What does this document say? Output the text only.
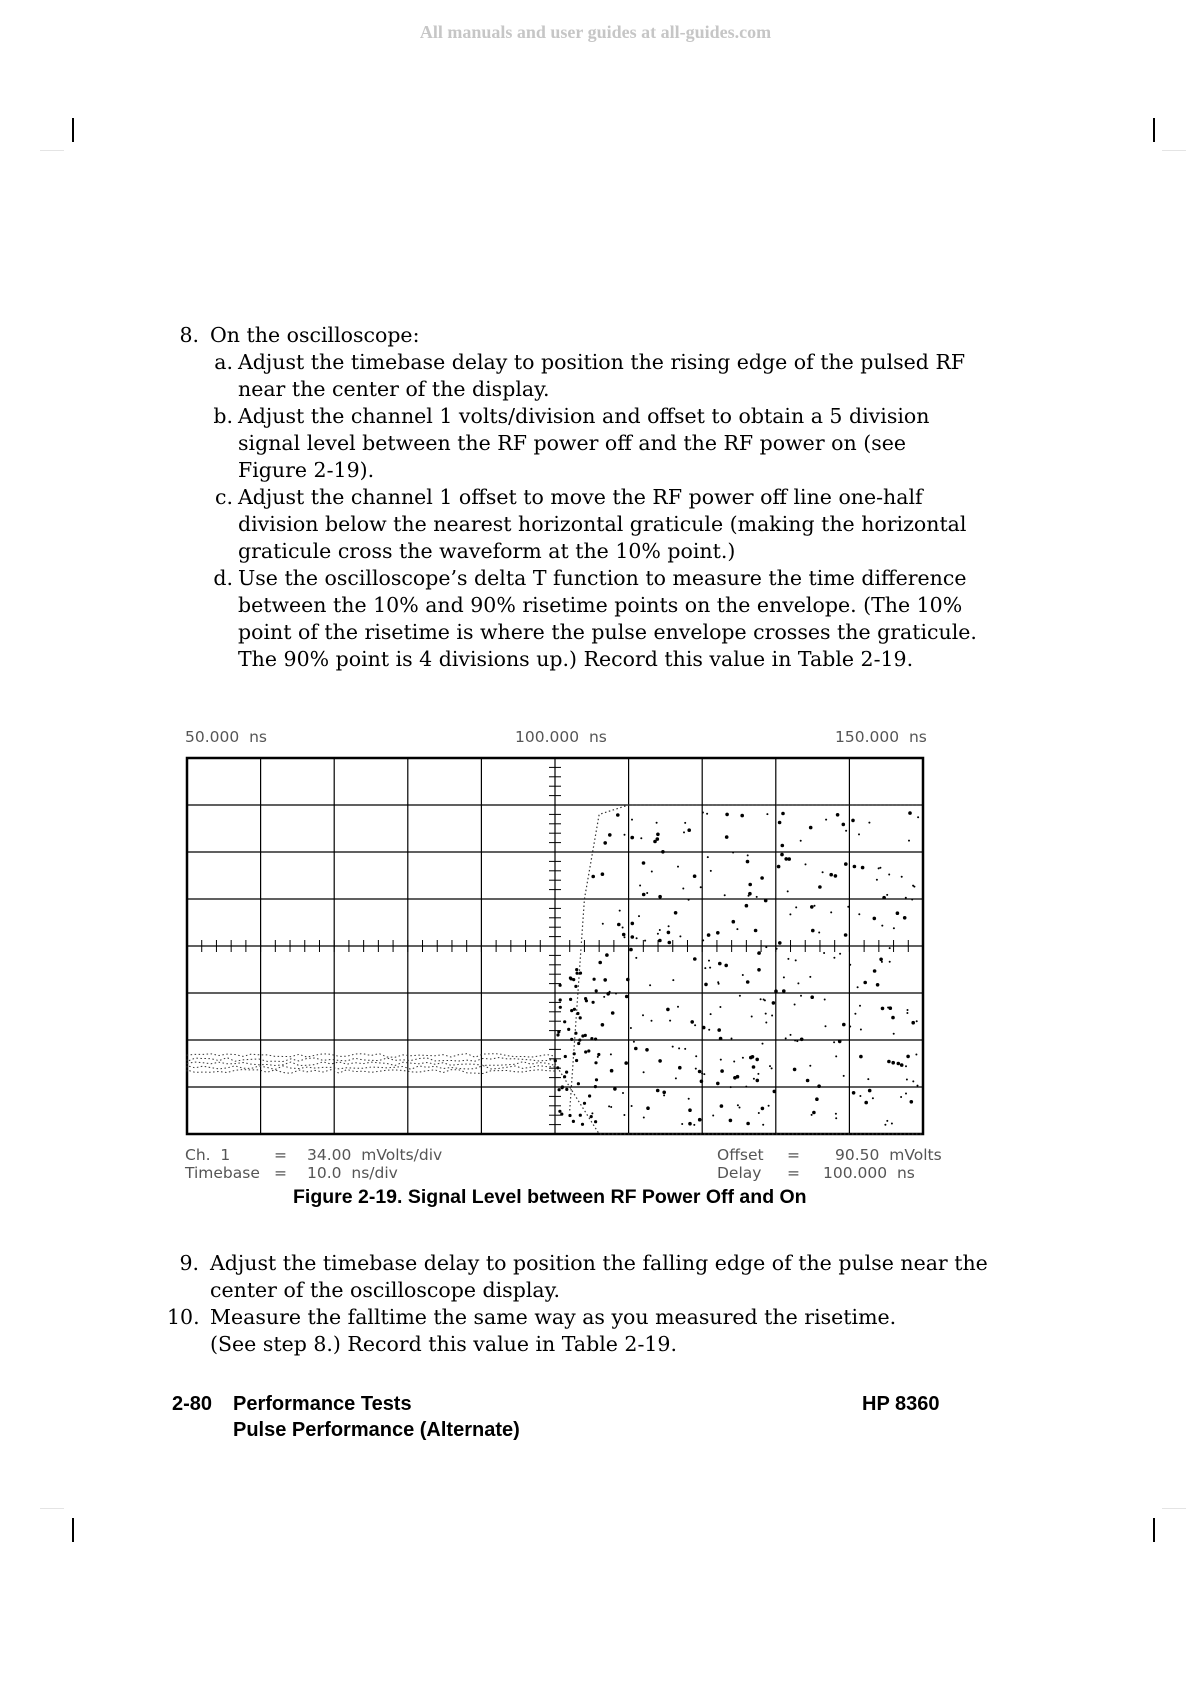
All manuals and user guides at all-guides.com
8. On the oscilloscope:
a. Adjust the timebase delay to position the rising edge of the pulsed RF
near the center of the display.
b. Adjust the channel 1 volts/division and offset to obtain a 5 division
signal level between the RF power off and the RF power on (see
Figure 2-19).
c. Adjust the channel 1 offset to move the RF power off line one-half
division below the nearest horizontal graticule (making the horizontal
graticule cross the waveform at the 10% point.)
d. Use the oscilloscope’s delta T function to measure the time difference
between the 10% and 90% risetime points on the envelope. (The 10%
point of the risetime is where the pulse envelope crosses the graticule.
The 90% point is 4 divisions up.) Record this value in Table 2-19.
50.000  ns	100.000  ns	150.000  ns
Ch.  1	= 34.00  mVolts/div
Timebase = 10.0  ns/div
Offset = 90.50  mVolts
Delay = 100.000  ns
Figure 2-19. Signal Level between RF Power Off and On
9. Adjust the timebase delay to position the falling edge of the pulse near the
center of the oscilloscope display.
10. Measure the falltime the same way as you measured the risetime.
(See step 8.) Record this value in Table 2-19.
2-80 Performance Tests
Pulse Performance (Alternate)
HP 8360
